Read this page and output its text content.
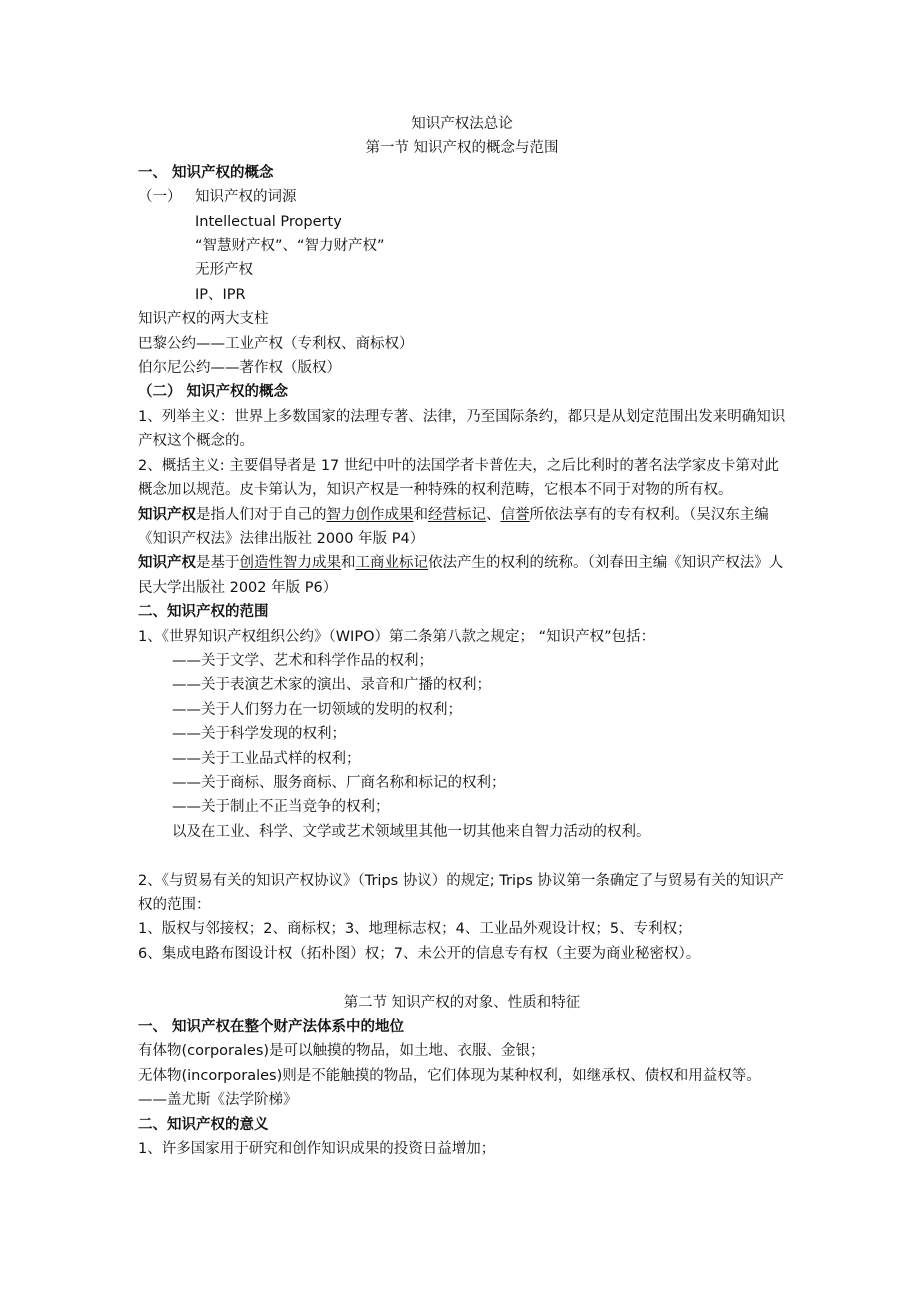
知识产权法总论
第一节 知识产权的概念与范围
一、 知识产权的概念
（一） 知识产权的词源
Intellectual Property
“智慧财产权”、“智力财产权”
无形产权
IP、IPR
知识产权的两大支柱
巴黎公约——工业产权（专利权、商标权）
伯尔尼公约——著作权（版权）
（二） 知识产权的概念
1、列举主义：世界上多数国家的法理专著、法律，乃至国际条约，都只是从划定范围出发来明确知识产权这个概念的。
2、概括主义: 主要倡导者是 17 世纪中叶的法国学者卡普佐夫，之后比利时的著名法学家皮卡第对此概念加以规范。皮卡第认为，知识产权是一种特殊的权利范畴，它根本不同于对物的所有权。
知识产权是指人们对于自己的智力创作成果和经营标记、信誉所依法享有的专有权利。（吴汉东主编《知识产权法》法律出版社 2000 年版 P4）
知识产权是基于创造性智力成果和工商业标记依法产生的权利的统称。（刘春田主编《知识产权法》人民大学出版社 2002 年版 P6）
二、知识产权的范围
1、《世界知识产权组织公约》（WIPO）第二条第八款之规定； “知识产权”包括：
——关于文学、艺术和科学作品的权利；
——关于表演艺术家的演出、录音和广播的权利；
——关于人们努力在一切领域的发明的权利；
——关于科学发现的权利；
——关于工业品式样的权利；
——关于商标、服务商标、厂商名称和标记的权利；
——关于制止不正当竞争的权利；
以及在工业、科学、文学或艺术领域里其他一切其他来自智力活动的权利。
2、《与贸易有关的知识产权协议》（Trips 协议）的规定; Trips 协议第一条确定了与贸易有关的知识产权的范围：
1、版权与邻接权；2、商标权；3、地理标志权；4、工业品外观设计权；5、专利权；
6、集成电路布图设计权（拓朴图）权；7、未公开的信息专有权（主要为商业秘密权）。
第二节 知识产权的对象、性质和特征
一、 知识产权在整个财产法体系中的地位
有体物(corporales)是可以触摸的物品，如土地、衣服、金银；
无体物(incorporales)则是不能触摸的物品，它们体现为某种权利，如继承权、债权和用益权等。——盖尤斯《法学阶梯》
二、知识产权的意义
1、许多国家用于研究和创作知识成果的投资日益增加；
